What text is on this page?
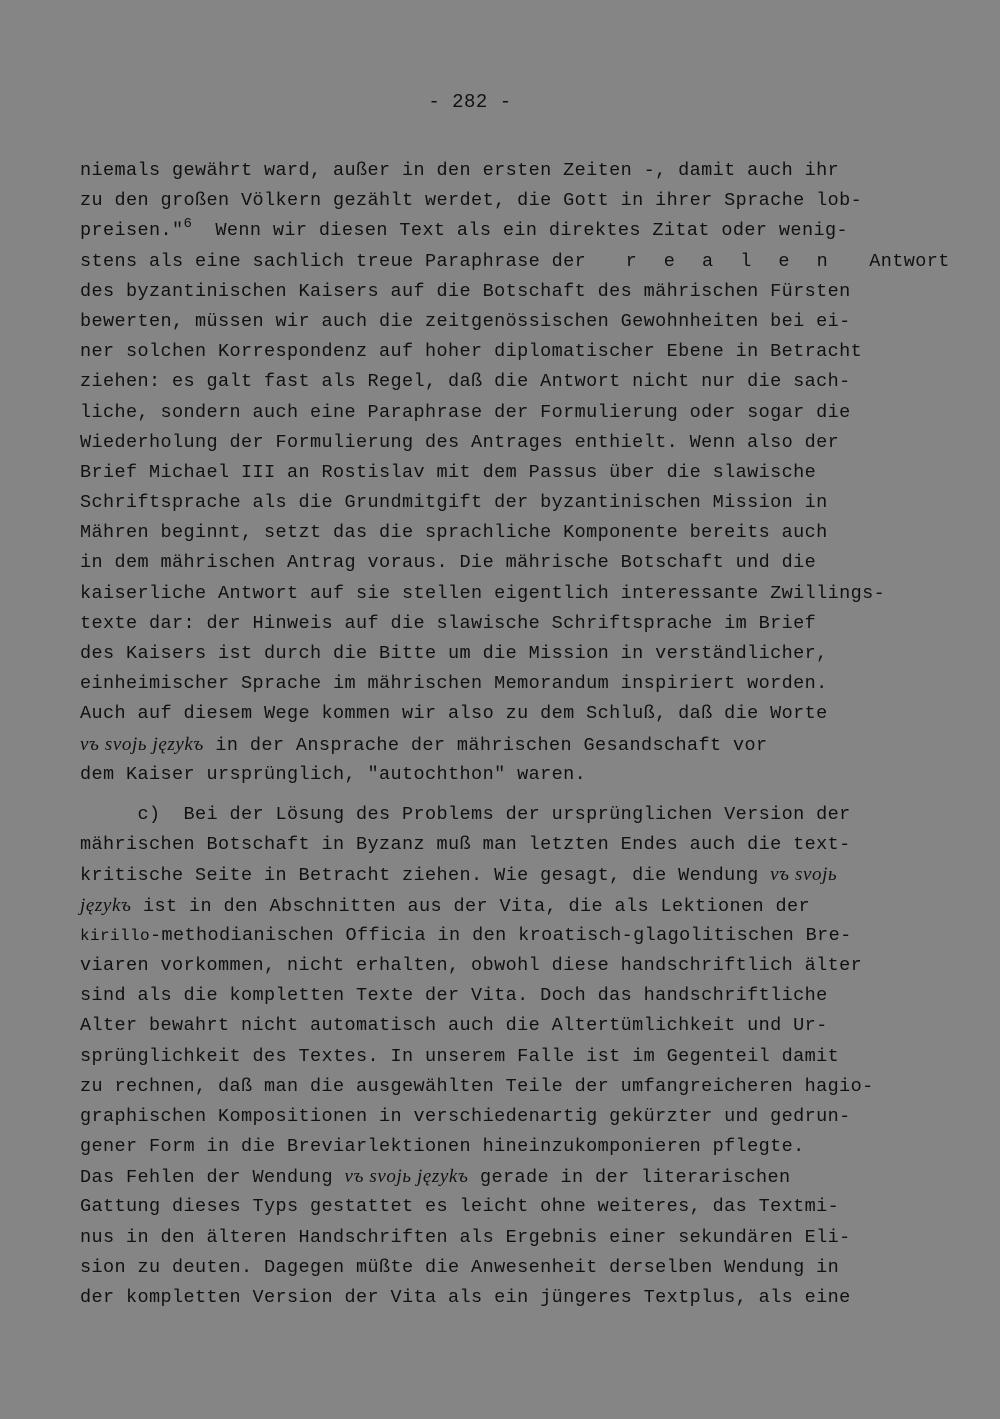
- 282 -
niemals gewährt ward, außer in den ersten Zeiten -, damit auch ihr
zu den großen Völkern gezählt werdet, die Gott in ihrer Sprache lob-
preisen."$^6$  Wenn wir diesen Text als ein direktes Zitat oder wenig-
stens als eine sachlich treue Paraphrase der r e a l e n Antwort
des byzantinischen Kaisers auf die Botschaft des mährischen Fürsten
bewerten, müssen wir auch die zeitgenössischen Gewohnheiten bei ei-
ner solchen Korrespondenz auf hoher diplomatischer Ebene in Betracht
ziehen: es galt fast als Regel, daß die Antwort nicht nur die sach-
liche, sondern auch eine Paraphrase der Formulierung oder sogar die
Wiederholung der Formulierung des Antrages enthielt. Wenn also der
Brief Michael III an Rostislav mit dem Passus über die slawische
Schriftsprache als die Grundmitgift der byzantinischen Mission in
Mähren beginnt, setzt das die sprachliche Komponente bereits auch
in dem mährischen Antrag voraus. Die mährische Botschaft und die
kaiserliche Antwort auf sie stellen eigentlich interessante Zwillings-
texte dar: der Hinweis auf die slawische Schriftsprache im Brief
des Kaisers ist durch die Bitte um die Mission in verständlicher,
einheimischer Sprache im mährischen Memorandum inspiriert worden.
Auch auf diesem Wege kommen wir also zu dem Schluß, daß die Worte
vъ svojь językъ in der Ansprache der mährischen Gesandschaft vor
dem Kaiser ursprünglich, "autochthon" waren.
c)  Bei der Lösung des Problems der ursprünglichen Version der
mährischen Botschaft in Byzanz muß man letzten Endes auch die text-
kritische Seite in Betracht ziehen. Wie gesagt, die Wendung vъ svojь
językъ ist in den Abschnitten aus der Vita, die als Lektionen der
kirillo-methodianischen Officia in den kroatisch-glagolitischen Bre-
viaren vorkommen, nicht erhalten, obwohl diese handschriftlich älter
sind als die kompletten Texte der Vita. Doch das handschriftliche
Alter bewahrt nicht automatisch auch die Altertümlichkeit und Ur-
sprünglichkeit des Textes. In unserem Falle ist im Gegenteil damit
zu rechnen, daß man die ausgewählten Teile der umfangreicheren hagio-
graphischen Kompositionen in verschiedenartig gekürzter und gedrun-
gener Form in die Breviarlektionen hineinzukomponieren pflegte.
Das Fehlen der Wendung vъ svojь językъ gerade in der literarischen
Gattung dieses Typs gestattet es leicht ohne weiteres, das Textmi-
nus in den älteren Handschriften als Ergebnis einer sekundären Eli-
sion zu deuten. Dagegen müßte die Anwesenheit derselben Wendung in
der kompletten Version der Vita als ein jüngeres Textplus, als eine
